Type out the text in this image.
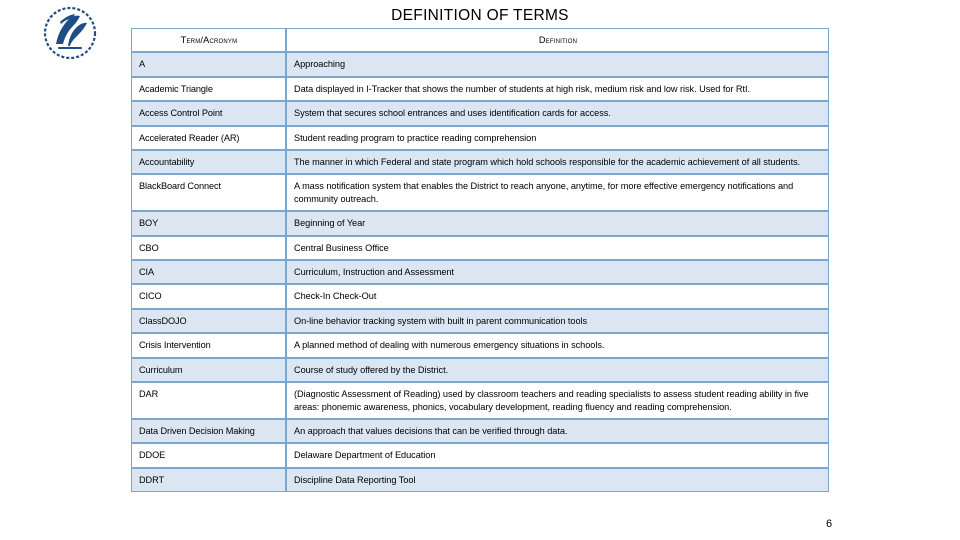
DEFINITION OF TERMS
Term/Acronym	Definition
A	Approaching
Academic Triangle	Data displayed in I-Tracker that shows the number of students at high risk, medium risk and low risk. Used for RtI.
Access Control Point	System that secures school entrances and uses identification cards for access.
Accelerated Reader (AR)	Student reading program to practice reading comprehension
Accountability	The manner in which Federal and state program which hold schools responsible for the academic achievement of all students.
BlackBoard Connect	A mass notification system that enables the District to reach anyone, anytime, for more effective emergency notifications and community outreach.
BOY	Beginning of Year
CBO	Central Business Office
CIA	Curriculum, Instruction and Assessment
CICO	Check-In Check-Out
ClassDOJO	On-line behavior tracking system with built in parent communication tools
Crisis Intervention	A planned method of dealing with numerous emergency situations in schools.
Curriculum	Course of study offered by the District.
DAR	(Diagnostic Assessment of Reading) used by classroom teachers and reading specialists to assess student reading ability in five areas: phonemic awareness, phonics, vocabulary development, reading fluency and reading comprehension.
Data Driven Decision Making	An approach that values decisions that can be verified through data.
DDOE	Delaware Department of Education
DDRT	Discipline Data Reporting Tool
6
